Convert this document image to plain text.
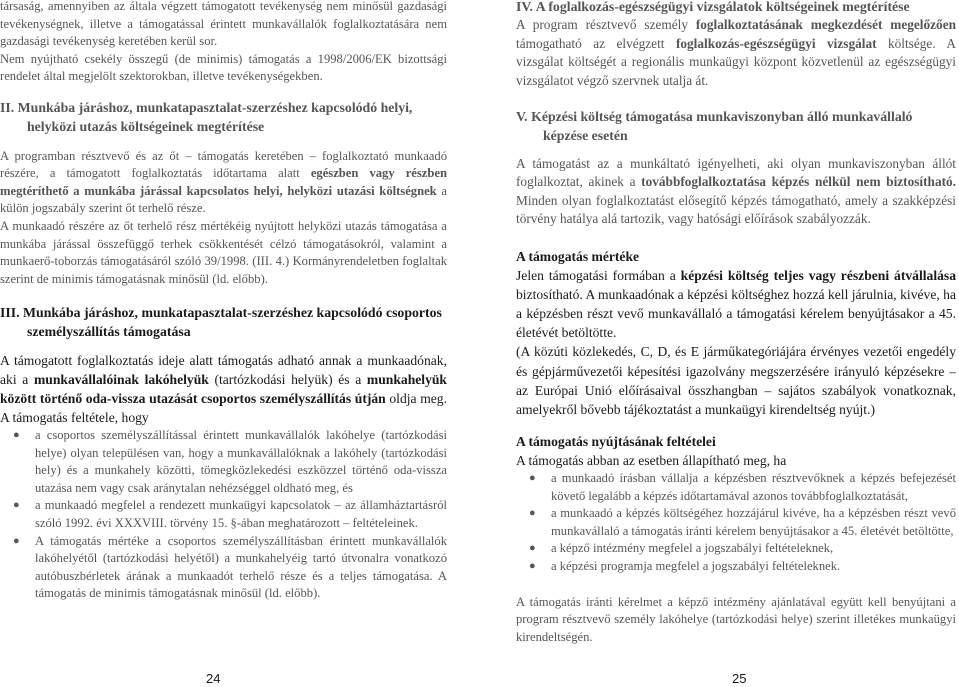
társaság, amennyiben az általa végzett támogatott tevékenység nem minősül gazdasági tevékenységnek, illetve a támogatással érintett munkavállalók foglalkoztatására nem gazdasági tevékenység keretében kerül sor.

Nem nyújtható csekély összegű (de minimis) támogatás a 1998/2006/EK bizottsági rendelet által megjelölt szektorokban, illetve tevékenységekben.

II. Munkába járáshoz, munkatapasztalat-szerzéshez kapcsolódó helyi, helyközi utazás költségeinek megtérítése

A programban résztvevő és az őt – támogatás keretében – foglalkoztató munkaadó részére, a támogatott foglalkoztatás időtartama alatt egészben vagy részben megtéríthető a munkába járással kapcsolatos helyi, helyközi utazási költségnek a külön jogszabály szerint őt terhelő része.

A munkaadó részére az őt terhelő rész mértékéig nyújtott helyközi utazás támogatása a munkába járással összefüggő terhek csökkentését célzó támogatásokról, valamint a munkaerő-toborzás támogatásáról szóló 39/1998. (III. 4.) Kormányrendeletben foglaltak szerint de minimis támogatásnak minősül (ld. előbb).

III. Munkába járáshoz, munkatapasztalat-szerzéshez kapcsolódó csoportos személyszállítás támogatása

A támogatott foglalkoztatás ideje alatt támogatás adható annak a munkaadónak, aki a munkavállalóinak lakóhelyük (tartózkodási helyük) és a munkahelyük között történő oda-vissza utazását csoportos személyszállítás útján oldja meg. A támogatás feltétele, hogy

● a csoportos személyszállítással érintett munkavállalók lakóhelye (tartózkodási helye) olyan településen van, hogy a munkavállalóknak a lakóhely (tartózkodási hely) és a munkahely közötti, tömegközlekedési eszközzel történő oda-vissza utazása nem vagy csak aránytalan nehézséggel oldható meg, és
● a munkaadó megfelel a rendezett munkaügyi kapcsolatok – az államháztartásról szóló 1992. évi XXXVIII. törvény 15. §-ában meghatározott – feltételeinek.
● A támogatás mértéke a csoportos személyszállításban érintett munkavállalók lakóhelyétől (tartózkodási helyétől) a munkahelyéig tartó útvonalra vonatkozó autóbuszbérletek árának a munkaadót terhelő része és a teljes támogatása. A támogatás de minimis támogatásnak minősül (ld. előbb).
IV. A foglalkozás-egészségügyi vizsgálatok költségeinek megtérítése

A program résztvevő személy foglalkoztatásának megkezdését megelőzően támogatható az elvégzett foglalkozás-egészségügyi vizsgálat költsége. A vizsgálat költségét a regionális munkaügyi központ közvetlenül az egészségügyi vizsgálatot végző szervnek utalja át.

V. Képzési költség támogatása munkaviszonyban álló munkavállaló képzése esetén

A támogatást az a munkáltató igényelheti, aki olyan munkaviszonyban állót foglalkoztat, akinek a továbbfoglalkoztatása képzés nélkül nem biztosítható. Minden olyan foglalkoztatást elősegítő képzés támogatható, amely a szakképzési törvény hatálya alá tartozik, vagy hatósági előírások szabályozzák.

A támogatás mértéke

Jelen támogatási formában a képzési költség teljes vagy részbeni átvállalása biztosítható. A munkaadónak a képzési költséghez hozzá kell járulnia, kivéve, ha a képzésben részt vevő munkavállaló a támogatási kérelem benyújtásakor a 45. életévét betöltötte.

(A közúti közlekedés, C, D, és E járműkategóriájára érvényes vezetői engedély és gépjárművezetői képesítési igazolvány megszerzésére irányuló képzésekre – az Európai Unió előírásaival összhangban – sajátos szabályok vonatkoznak, amelyekről bővebb tájékoztatást a munkaügyi kirendeltség nyújt.)

A támogatás nyújtásának feltételei

A támogatás abban az esetben állapítható meg, ha

● a munkaadó írásban vállalja a képzésben résztvevőknek a képzés befejezését követő legalább a képzés időtartamával azonos továbbfoglalkoztatását,
● a munkaadó a képzés költségéhez hozzájárul kivéve, ha a képzésben részt vevő munkavállaló a támogatás iránti kérelem benyújtásakor a 45. életévét betöltötte,
● a képző intézmény megfelel a jogszabályi feltételeknek,
● a képzési programja megfelel a jogszabályi feltételeknek.

A támogatás iránti kérelmet a képző intézmény ajánlatával együtt kell benyújtani a program résztvevő személy lakóhelye (tartózkodási helye) szerint illetékes munkaügyi kirendeltségén.

24	25
